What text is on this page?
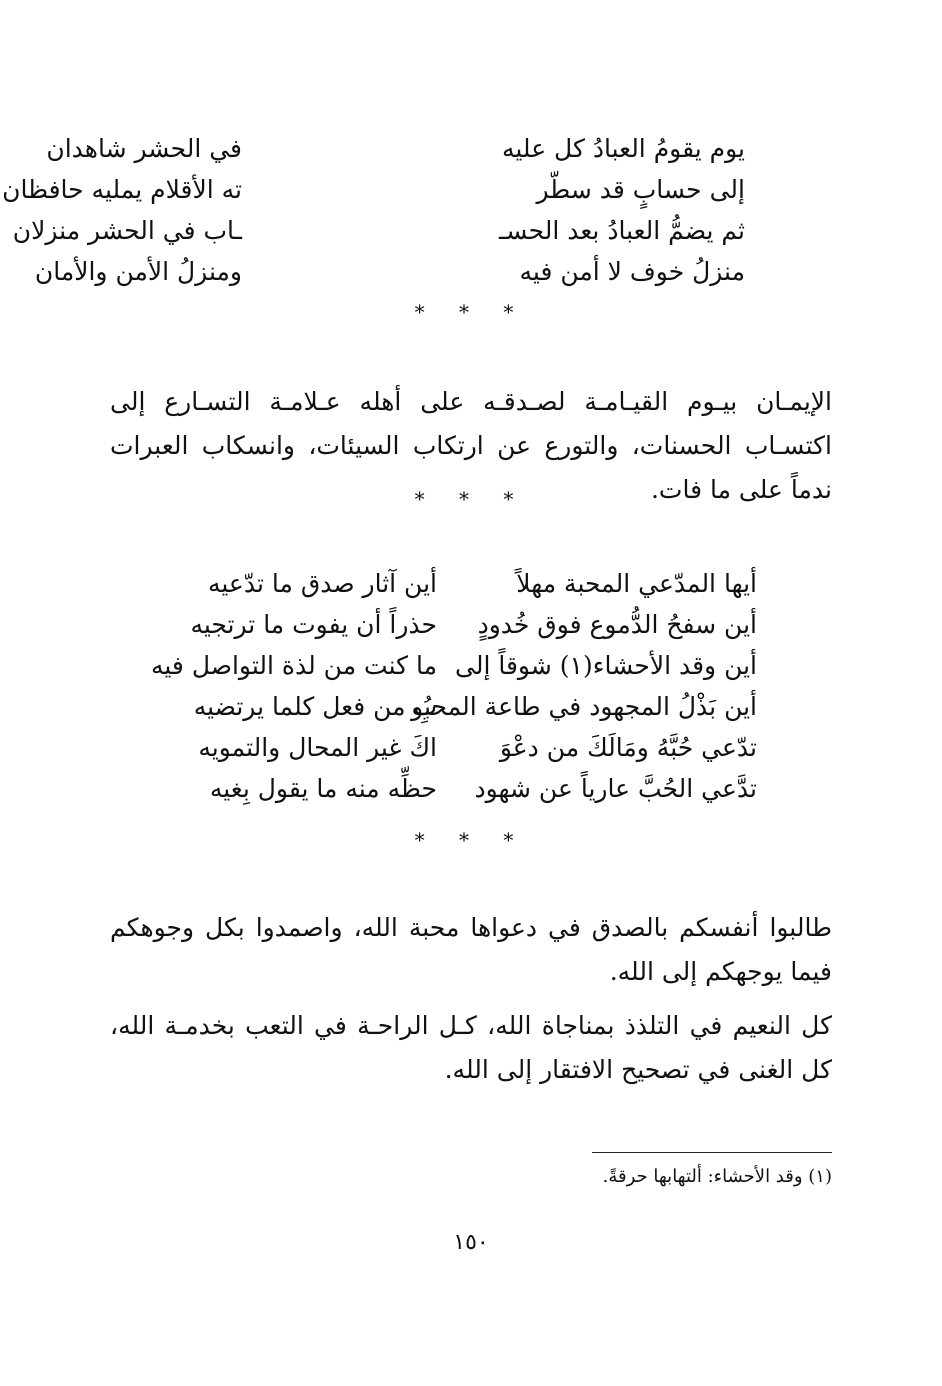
يوم يقومُ العبادُ كل عليه
في الحشر شاهدان
إلى حسابٍ قد سطّر
ته الأقلام يمليه حافظان
ثم يضمُّ العبادُ بعد الحسـ
ـاب في الحشر منزلان
منزلُ خوف لا أمن فيه
ومنزلُ الأمن والأمان
* * *

الإيمـان بيـوم القيـامـة لصـدقـه على أهله عـلامـة التسـارع إلى اكتسـاب الحسنات، والتورع عن ارتكاب السيئات، وانسكاب العبرات ندماً على ما فات.

* * *
أيها المدّعي المحبة مهلاً
أين آثار صدق ما تدّعيه
أين سفحُ الدُّموع فوق خُدودٍ
حذراً أن يفوت ما ترتجيه
أين وقد الأحشاء(١) شوقاً إلى
ما كنت من لذة التواصل فيه
أين بَذْلُ المجهود في طاعة المحبُو
بِ من فعل كلما يرتضيه
تدّعي حُبَّهُ ومَالَكَ من دعْوَ
اكَ غير المحال والتمويه
تدَّعي الحُبَّ عارياً عن شهود
حظِّه منه ما يقول بِغيه
* * *

طالبوا أنفسكم بالصدق في دعواها محبة الله، واصمدوا بكل وجوهكم فيما يوجهكم إلى الله.

كل النعيم في التلذذ بمناجاة الله، كـل الراحـة في التعب بخدمـة الله، كل الغنى في تصحيح الافتقار إلى الله.

(١) وقد الأحشاء: ألتهابها حرقةً.
١٥٠
